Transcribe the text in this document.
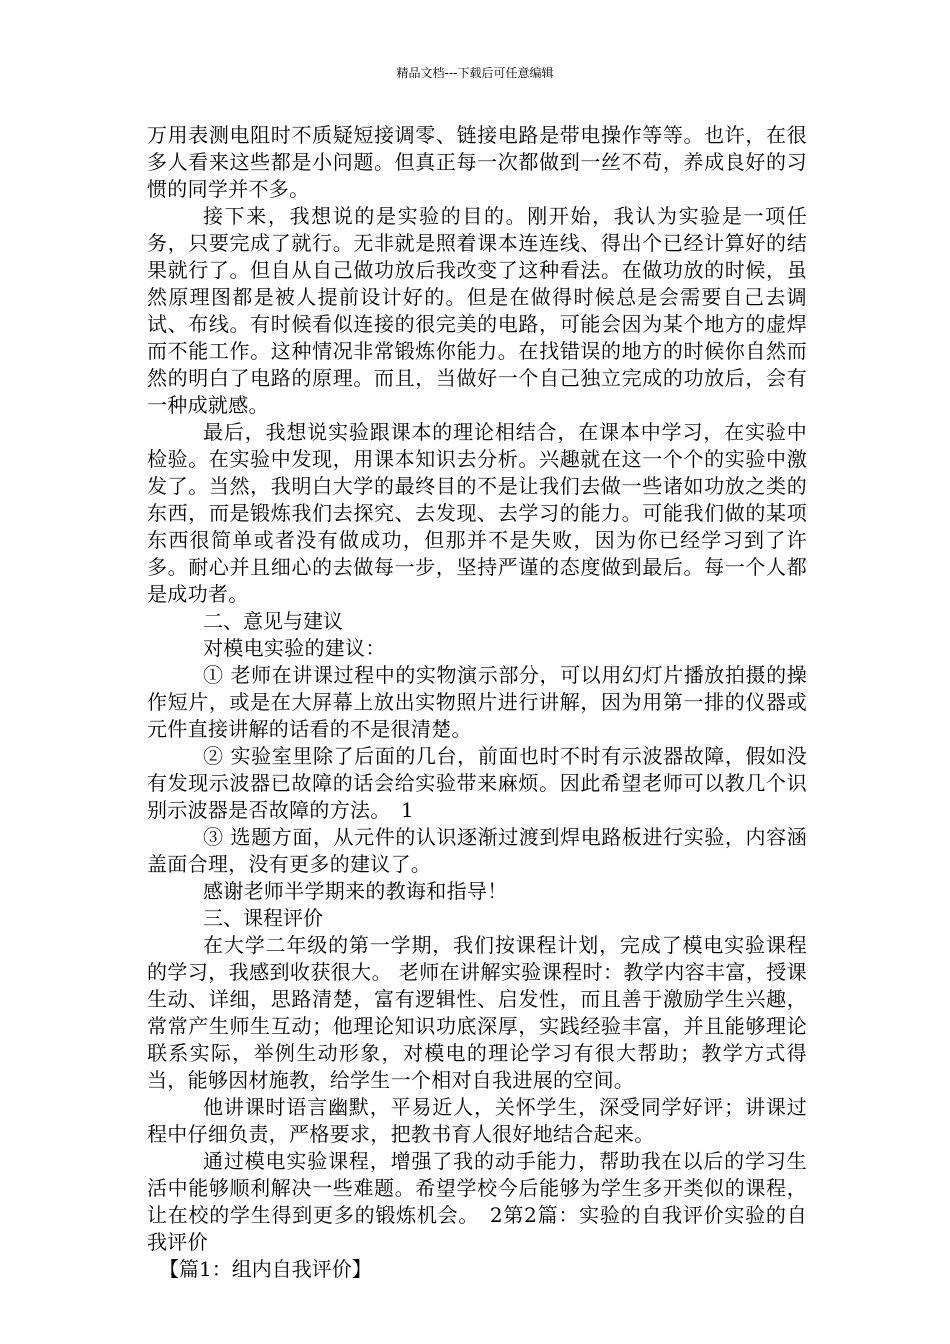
精品文档---下载后可任意编辑

万用表测电阻时不质疑短接调零、链接电路是带电操作等等。也许，在很多人看来这些都是小问题。但真正每一次都做到一丝不苟，养成良好的习惯的同学并不多。

接下来，我想说的是实验的目的。刚开始，我认为实验是一项任务，只要完成了就行。无非就是照着课本连连线、得出个已经计算好的结果就行了。但自从自己做功放后我改变了这种看法。在做功放的时候，虽然原理图都是被人提前设计好的。但是在做得时候总是会需要自己去调试、布线。有时候看似连接的很完美的电路，可能会因为某个地方的虚焊而不能工作。这种情况非常锻炼你能力。在找错误的地方的时候你自然而然的明白了电路的原理。而且，当做好一个自己独立完成的功放后，会有一种成就感。

最后，我想说实验跟课本的理论相结合，在课本中学习，在实验中检验。在实验中发现，用课本知识去分析。兴趣就在这一个个的实验中激发了。当然，我明白大学的最终目的不是让我们去做一些诸如功放之类的东西，而是锻炼我们去探究、去发现、去学习的能力。可能我们做的某项东西很简单或者没有做成功，但那并不是失败，因为你已经学习到了许多。耐心并且细心的去做每一步，坚持严谨的态度做到最后。每一个人都是成功者。

二、意见与建议

对模电实验的建议：

① 老师在讲课过程中的实物演示部分，可以用幻灯片播放拍摄的操作短片，或是在大屏幕上放出实物照片进行讲解，因为用第一排的仪器或元件直接讲解的话看的不是很清楚。

② 实验室里除了后面的几台，前面也时不时有示波器故障，假如没有发现示波器已故障的话会给实验带来麻烦。因此希望老师可以教几个识别示波器是否故障的方法。　1

③ 选题方面，从元件的认识逐渐过渡到焊电路板进行实验，内容涵盖面合理，没有更多的建议了。

感谢老师半学期来的教诲和指导！

三、课程评价

在大学二年级的第一学期，我们按课程计划，完成了模电实验课程的学习，我感到收获很大。 老师在讲解实验课程时：教学内容丰富，授课生动、详细，思路清楚，富有逻辑性、启发性，而且善于激励学生兴趣，常常产生师生互动；他理论知识功底深厚，实践经验丰富，并且能够理论联系实际，举例生动形象，对模电的理论学习有很大帮助；教学方式得当，能够因材施教，给学生一个相对自我进展的空间。

他讲课时语言幽默，平易近人，关怀学生，深受同学好评；讲课过程中仔细负责，严格要求，把教书育人很好地结合起来。

通过模电实验课程，增强了我的动手能力，帮助我在以后的学习生活中能够顺利解决一些难题。希望学校今后能够为学生多开类似的课程，让在校的学生得到更多的锻炼机会。　2第2篇：实验的自我评价实验的自我评价

【篇1：组内自我评价】
